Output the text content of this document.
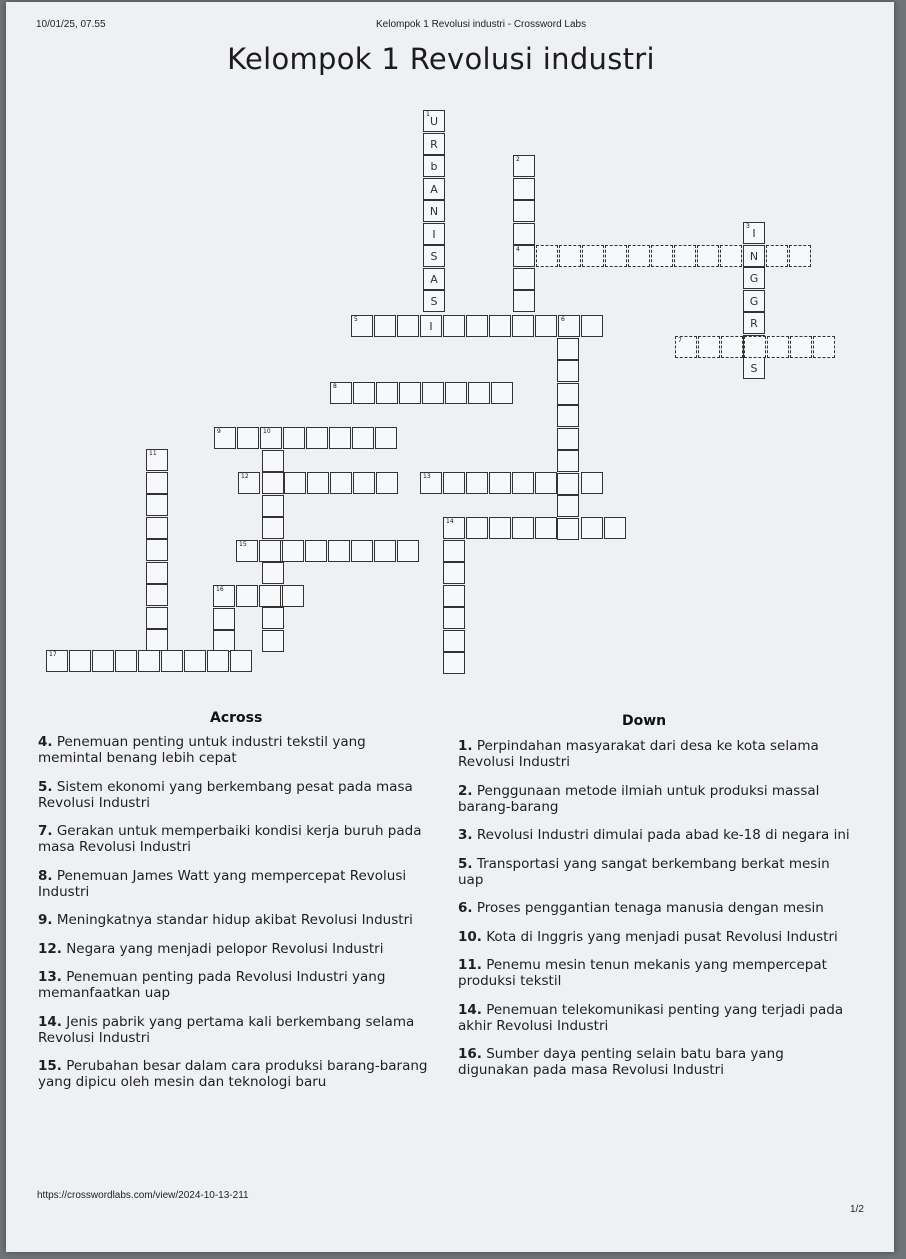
10/01/25, 07.55	Kelompok 1 Revolusi industri - Crossword Labs
Kelompok 1 Revolusi industri
1
U
R
b
A
N
I
S
A
S
2
4
3
I
N
G
G
R
S
5
I
6
7
8
9	10
11
12	13
14
15
16
17
Across	Down
4. Penemuan penting untuk industri tekstil yang memintal benang lebih cepat
5. Sistem ekonomi yang berkembang pesat pada masa Revolusi Industri
7. Gerakan untuk memperbaiki kondisi kerja buruh pada masa Revolusi Industri
8. Penemuan James Watt yang mempercepat Revolusi Industri
9. Meningkatnya standar hidup akibat Revolusi Industri
12. Negara yang menjadi pelopor Revolusi Industri
13. Penemuan penting pada Revolusi Industri yang memanfaatkan uap
14. Jenis pabrik yang pertama kali berkembang selama Revolusi Industri
15. Perubahan besar dalam cara produksi barang-barang yang dipicu oleh mesin dan teknologi baru
1. Perpindahan masyarakat dari desa ke kota selama Revolusi Industri
2. Penggunaan metode ilmiah untuk produksi massal barang-barang
3. Revolusi Industri dimulai pada abad ke-18 di negara ini
5. Transportasi yang sangat berkembang berkat mesin uap
6. Proses penggantian tenaga manusia dengan mesin
10. Kota di Inggris yang menjadi pusat Revolusi Industri
11. Penemu mesin tenun mekanis yang mempercepat produksi tekstil
14. Penemuan telekomunikasi penting yang terjadi pada akhir Revolusi Industri
16. Sumber daya penting selain batu bara yang digunakan pada masa Revolusi Industri
https://crosswordlabs.com/view/2024-10-13-211
1/2
